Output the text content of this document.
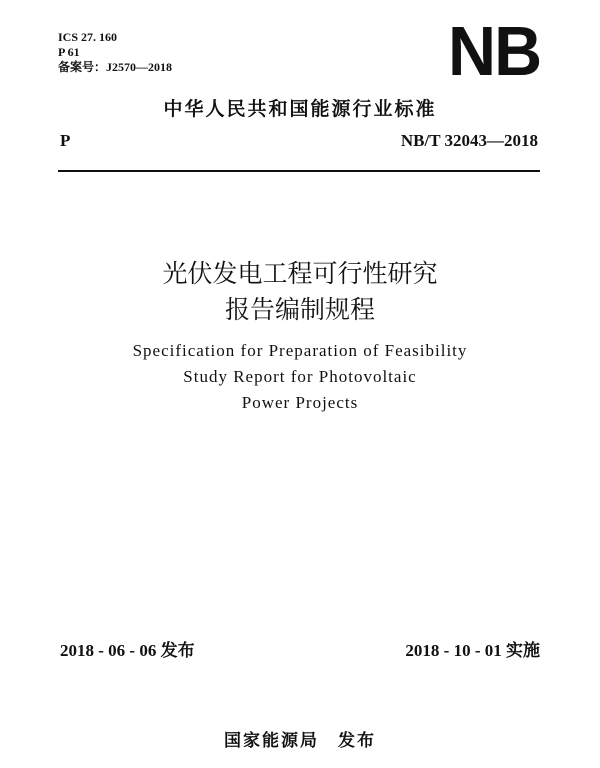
ICS 27. 160
P 61
备案号：J2570—2018	NB
中华人民共和国能源行业标准
P	NB/T 32043—2018
光伏发电工程可行性研究
报告编制规程
Specification for Preparation of Feasibility
Study Report for Photovoltaic
Power Projects
2018 - 06 - 06 发布	2018 - 10 - 01 实施
国家能源局　发布
